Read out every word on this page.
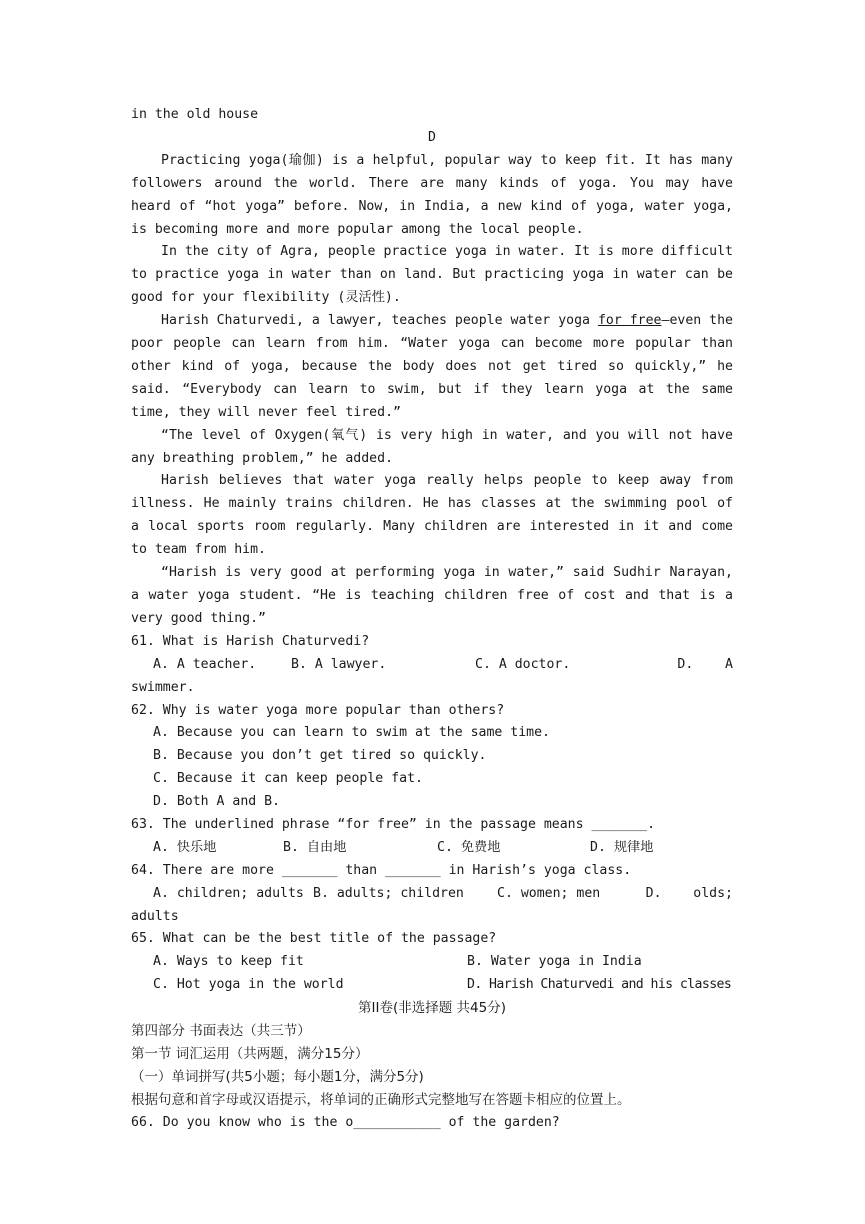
in the old house
D

Practicing yoga(瑜伽) is a helpful, popular way to keep fit. It has many followers around the world. There are many kinds of yoga. You may have heard of “hot yoga” before. Now, in India, a new kind of yoga, water yoga, is becoming more and more popular among the local people.

In the city of Agra, people practice yoga in water. It is more difficult to practice yoga in water than on land. But practicing yoga in water can be good for your flexibility (灵活性).

Harish Chaturvedi, a lawyer, teaches people water yoga for free—even the poor people can learn from him. “Water yoga can become more popular than other kind of yoga, because the body does not get tired so quickly,” he said. “Everybody can learn to swim, but if they learn yoga at the same time, they will never feel tired.”

“The level of Oxygen(氧气) is very high in water, and you will not have any breathing problem,” he added.

Harish believes that water yoga really helps people to keep away from illness. He mainly trains children. He has classes at the swimming pool of a local sports room regularly. Many children are interested in it and come to team from him.

“Harish is very good at performing yoga in water,” said Sudhir Narayan, a water yoga student. “He is teaching children free of cost and that is a very good thing.”

61. What is Harish Chaturvedi?
A. A teacher.	B. A lawyer.	C. A doctor.	D.    A
swimmer.
62. Why is water yoga more popular than others?
A. Because you can learn to swim at the same time.
B. Because you don’t get tired so quickly.
C. Because it can keep people fat.
D. Both A and B.
63. The underlined phrase “for free” in the passage means _______.
A. 快乐地	B. 自由地	C. 免费地	D. 规律地
64. There are more _______ than _______ in Harish’s yoga class.
A. children; adults B. adults; children	C. women; men	D.    olds;
adults
65. What can be the best title of the passage?
A. Ways to keep fit	B. Water yoga in India
C. Hot yoga in the world	D. Harish Chaturvedi and his classes
第II卷(非选择题 共45分)
第四部分 书面表达（共三节）
第一节 词汇运用（共两题，满分15分）
（一）单词拼写(共5小题；每小题1分，满分5分)
根据句意和首字母或汉语提示，将单词的正确形式完整地写在答题卡相应的位置上。
66. Do you know who is the o___________ of the garden?
